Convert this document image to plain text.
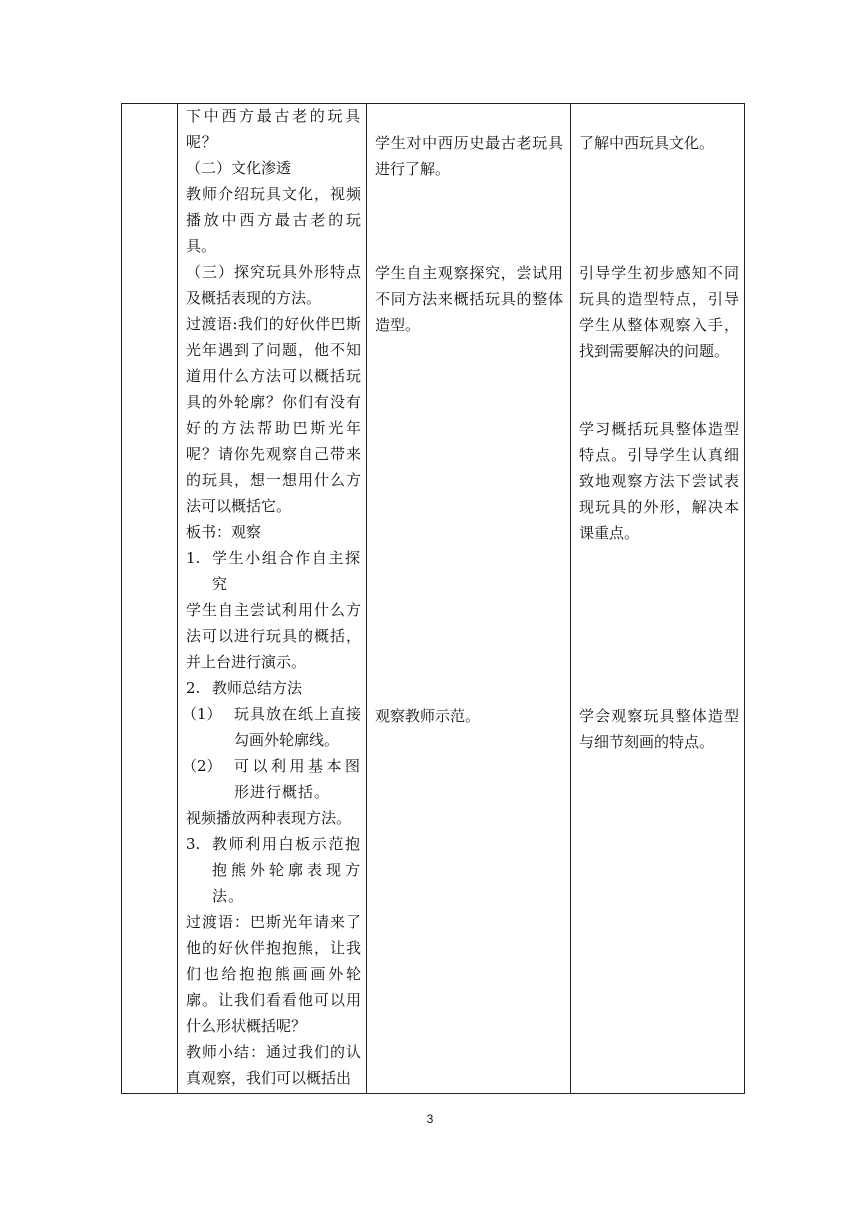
下中西方最古老的玩具呢？

（二）文化渗透

教师介绍玩具文化，视频播放中西方最古老的玩具。

（三）探究玩具外形特点及概括表现的方法。

过渡语:我们的好伙伴巴斯光年遇到了问题，他不知道用什么方法可以概括玩具的外轮廓？你们有没有好的方法帮助巴斯光年呢？请你先观察自己带来的玩具，想一想用什么方法可以概括它。

板书：观察

1. 学生小组合作自主探究

学生自主尝试利用什么方法可以进行玩具的概括，并上台进行演示。

2. 教师总结方法
（1） 玩具放在纸上直接勾画外轮廓线。
（2） 可以利用基本图形进行概括。

视频播放两种表现方法。

3. 教师利用白板示范抱抱熊外轮廓表现方法。

过渡语：巴斯光年请来了他的好伙伴抱抱熊，让我们也给抱抱熊画画外轮廓。让我们看看他可以用什么形状概括呢？

教师小结：通过我们的认真观察，我们可以概括出

学生对中西历史最古老玩具进行了解。
学生自主观察探究，尝试用不同方法来概括玩具的整体造型。
观察教师示范。
了解中西玩具文化。
引导学生初步感知不同玩具的造型特点，引导学生从整体观察入手，找到需要解决的问题。
学习概括玩具整体造型特点。引导学生认真细致地观察方法下尝试表现玩具的外形，解决本课重点。
学会观察玩具整体造型与细节刻画的特点。
3
